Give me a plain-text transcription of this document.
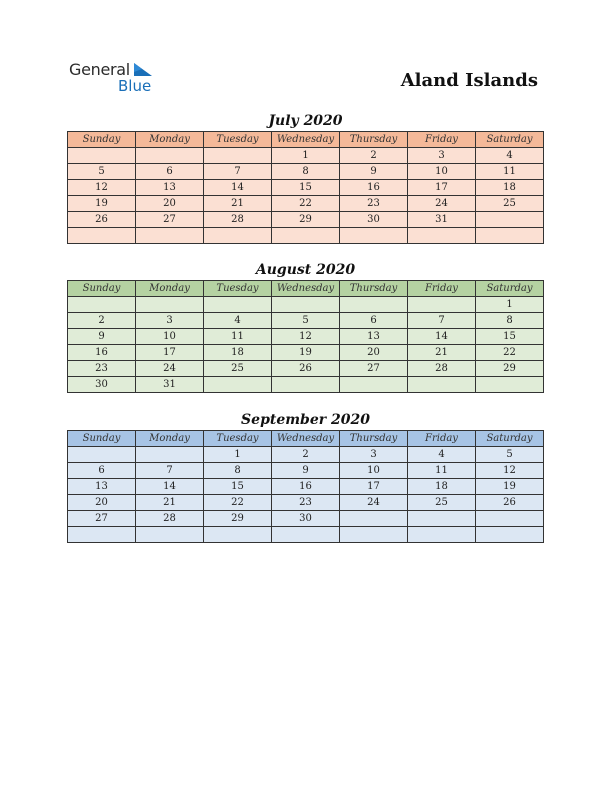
General
Blue	Aland Islands
July 2020
Sunday	Monday	Tuesday	Wednesday	Thursday	Friday	Saturday
			1	2	3	4
5	6	7	8	9	10	11
12	13	14	15	16	17	18
19	20	21	22	23	24	25
26	27	28	29	30	31	

August 2020
Sunday	Monday	Tuesday	Wednesday	Thursday	Friday	Saturday
						1
2	3	4	5	6	7	8
9	10	11	12	13	14	15
16	17	18	19	20	21	22
23	24	25	26	27	28	29
30	31					
September 2020
Sunday	Monday	Tuesday	Wednesday	Thursday	Friday	Saturday
		1	2	3	4	5
6	7	8	9	10	11	12
13	14	15	16	17	18	19
20	21	22	23	24	25	26
27	28	29	30			
